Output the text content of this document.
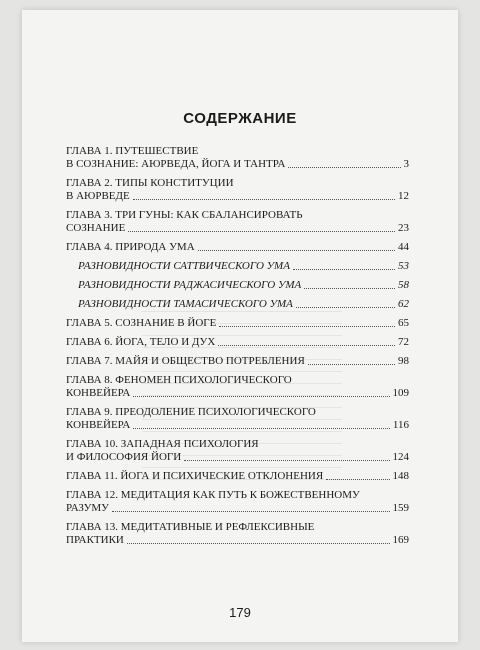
СОДЕРЖАНИЕ
ГЛАВА 1. ПУТЕШЕСТВИЕ
В СОЗНАНИЕ: АЮРВЕДА, ЙОГА И ТАНТРА	3
ГЛАВА 2. ТИПЫ КОНСТИТУЦИИ
В АЮРВЕДЕ	12
ГЛАВА 3. ТРИ ГУНЫ: КАК СБАЛАНСИРОВАТЬ
СОЗНАНИЕ	23
ГЛАВА 4. ПРИРОДА УМА	44
РАЗНОВИДНОСТИ САТТВИЧЕСКОГО УМА	53
РАЗНОВИДНОСТИ РАДЖАСИЧЕСКОГО УМА	58
РАЗНОВИДНОСТИ ТАМАСИЧЕСКОГО УМА	62
ГЛАВА 5. СОЗНАНИЕ В ЙОГЕ	65
ГЛАВА 6. ЙОГА, ТЕЛО И ДУХ	72
ГЛАВА 7. МАЙЯ И ОБЩЕСТВО ПОТРЕБЛЕНИЯ	98
ГЛАВА 8. ФЕНОМЕН ПСИХОЛОГИЧЕСКОГО
КОНВЕЙЕРА	109
ГЛАВА 9. ПРЕОДОЛЕНИЕ ПСИХОЛОГИЧЕСКОГО
КОНВЕЙЕРА	116
ГЛАВА 10. ЗАПАДНАЯ ПСИХОЛОГИЯ
И ФИЛОСОФИЯ ЙОГИ	124
ГЛАВА 11. ЙОГА И ПСИХИЧЕСКИЕ ОТКЛОНЕНИЯ	148
ГЛАВА 12. МЕДИТАЦИЯ КАК ПУТЬ К БОЖЕСТВЕННОМУ
РАЗУМУ	159
ГЛАВА 13. МЕДИТАТИВНЫЕ И РЕФЛЕКСИВНЫЕ
ПРАКТИКИ	169
179
